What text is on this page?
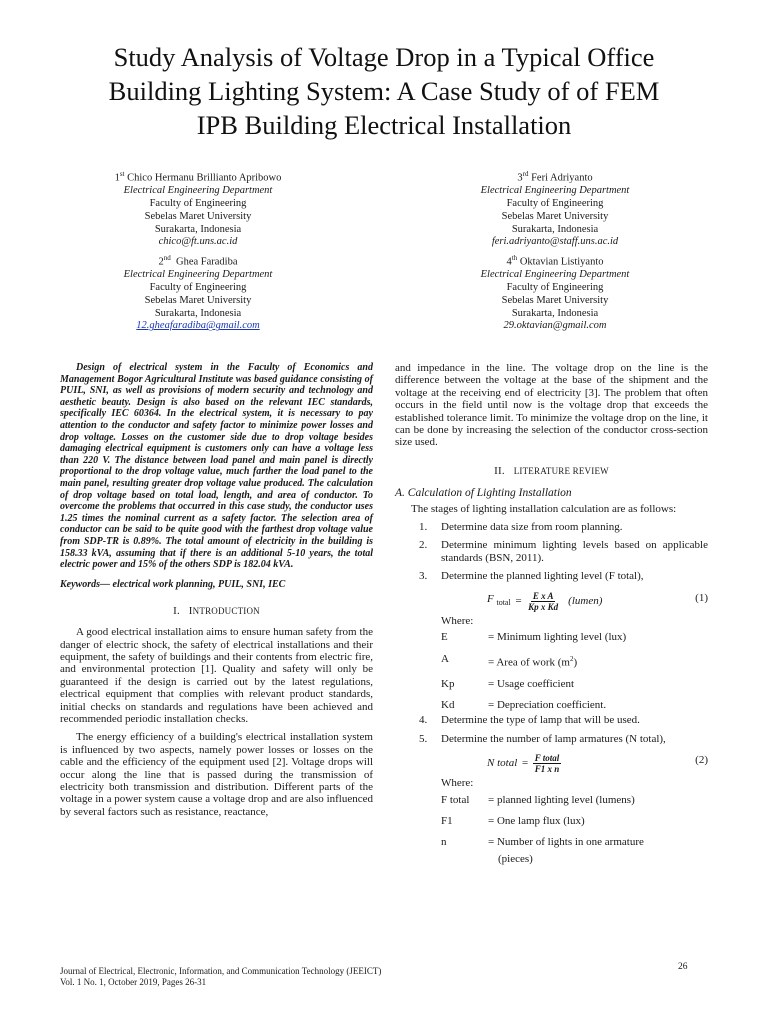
Study Analysis of Voltage Drop in a Typical Office
Building Lighting System: A Case Study of of FEM
IPB Building Electrical Installation
1st Chico Hermanu Brillianto Apribowo
Electrical Engineering Department
Faculty of Engineering
Sebelas Maret University
Surakarta, Indonesia
chico@ft.uns.ac.id
2nd Ghea Faradiba
Electrical Engineering Department
Faculty of Engineering
Sebelas Maret University
Surakarta, Indonesia
12.gheafaradiba@gmail.com
3rd Feri Adriyanto
Electrical Engineering Department
Faculty of Engineering
Sebelas Maret University
Surakarta, Indonesia
feri.adriyanto@staff.uns.ac.id
4th Oktavian Listiyanto
Electrical Engineering Department
Faculty of Engineering
Sebelas Maret University
Surakarta, Indonesia
29.oktavian@gmail.com

Design of electrical system in the Faculty of Economics and Management Bogor Agricultural Institute was based guidance consisting of PUIL, SNI, as well as provisions of modern security and technology and aesthetic beauty. Design is also based on the relevant IEC standards, specifically IEC 60364. In the electrical system, it is necessary to pay attention to the conductor and safety factor to minimize power losses and drop voltage. Losses on the customer side due to drop voltage besides damaging electrical equipment is customers only can have a voltage less than 220 V. The distance between load panel and main panel is directly proportional to the drop voltage value, much farther the load panel to the main panel, resulting greater drop voltage value produced. The calculation of drop voltage based on total load, length, and area of conductor. To overcome the problems that occurred in this case study, the conductor uses 1.25 times the nominal current as a safety factor. The selection area of conductor can be said to be quite good with the farthest drop voltage value from SDP-TR is 0.89%. The total amount of electricity in the building is 158.33 kVA, assuming that if there is an additional 5-10 years, the total electric power and 15% of the others SDP is 182.04 kVA.

Keywords— electrical work planning, PUIL, SNI, IEC

I. INTRODUCTION

A good electrical installation aims to ensure human safety from the danger of electric shock, the safety of electrical installations and their equipment, the safety of buildings and their contents from electric fire, and environmental protection [1]. Quality and safety will only be guaranteed if the design is carried out by the latest regulations, electrical equipment that complies with relevant product standards, initial checks on standards and regulations have been achieved and recommended periodic installation checks.

The energy efficiency of a building's electrical installation system is influenced by two aspects, namely power losses or losses on the cable and the efficiency of the equipment used [2]. Voltage drops will occur along the line that is passed during the transmission of electricity both transmission and distribution. Different parts of the voltage in a power system cause a voltage drop and are also influenced by several factors such as resistance, reactance,

and impedance in the line. The voltage drop on the line is the difference between the voltage at the base of the shipment and the voltage at the receiving end of electricity [3]. The problem that often occurs in the field until now is the voltage drop that exceeds the established tolerance limit. To minimize the voltage drop on the line, it can be done by increasing the selection of the conductor cross-section size used.

II. LITERATURE REVIEW
A. Calculation of Lighting Installation

The stages of lighting installation calculation are as follows:

1. Determine data size from room planning.
2. Determine minimum lighting levels based on applicable standards (BSN, 2011).
3. Determine the planned lighting level (F total),
F $_{total} = \frac{\text{E x A}}{\text{Kp x Kd}}$ (lumen)	(1)
Where:
E	= Minimum lighting level (lux)
A	= Area of work $(m^2)$
Kp	= Usage coefficient
Kd	= Depreciation coefficient.
4. Determine the type of lamp that will be used.
5. Determine the number of lamp armatures (N total),
N total = $\frac{\text{F total}}{\text{F1 x n}}$	(2)
Where:
F total	= planned lighting level (lumens)
F1	= One lamp flux (lux)
n	= Number of lights in one armature
(pieces)
Journal of Electrical, Electronic, Information, and Communication Technology (JEEICT)
Vol. 1 No. 1, October 2019, Pages 26-31
26
